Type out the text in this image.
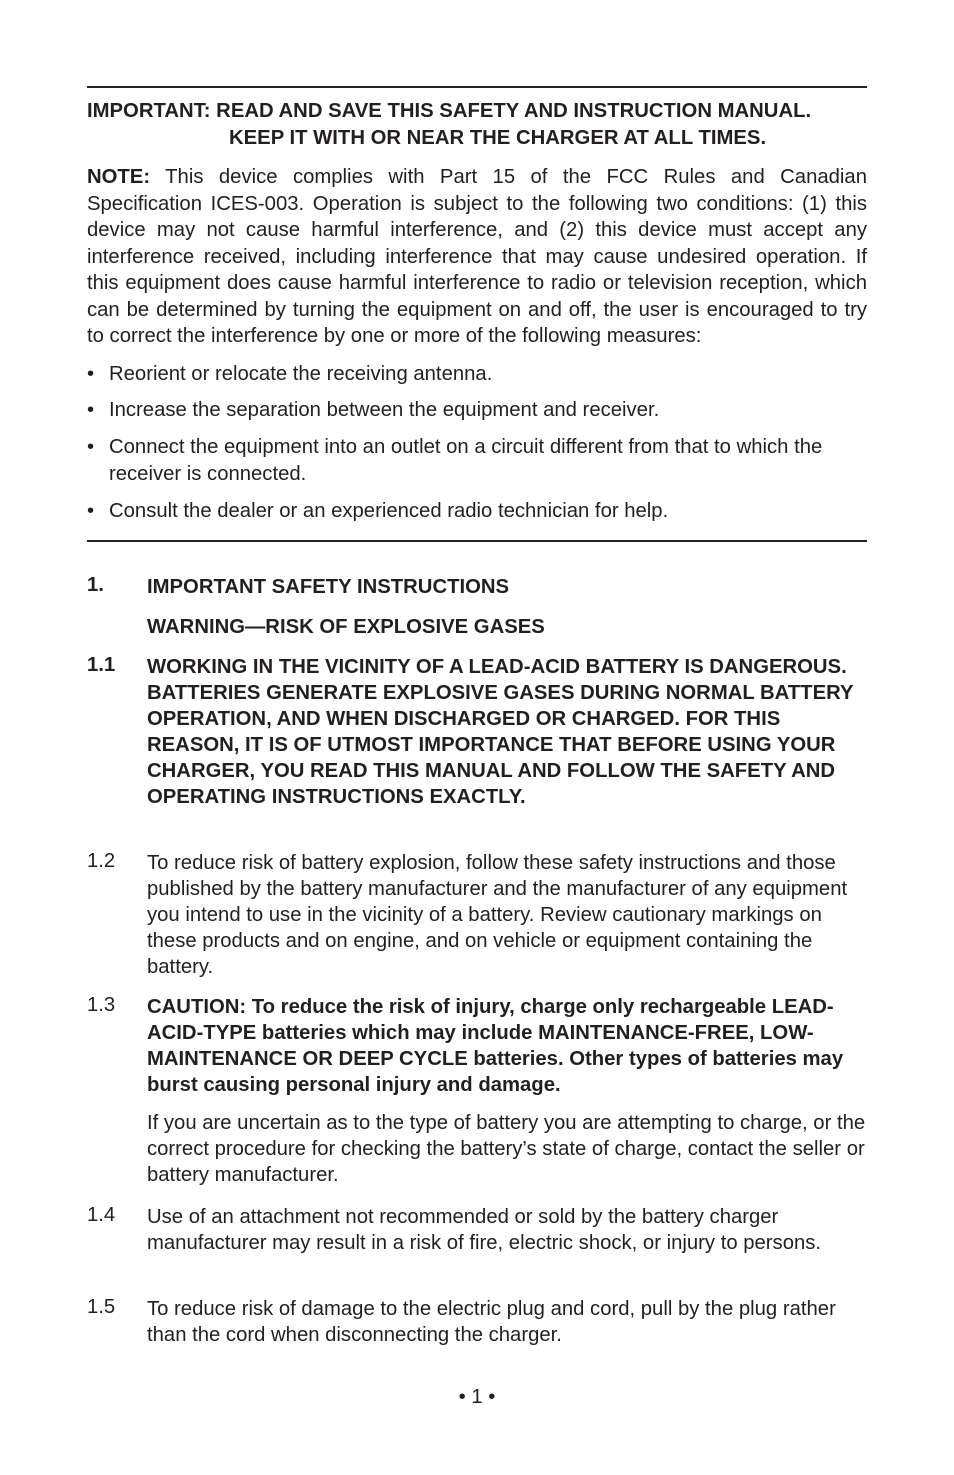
IMPORTANT: READ AND SAVE THIS SAFETY AND INSTRUCTION MANUAL.
KEEP IT WITH OR NEAR THE CHARGER AT ALL TIMES.
NOTE: This device complies with Part 15 of the FCC Rules and Canadian Specification ICES-003. Operation is subject to the following two conditions: (1) this device may not cause harmful interference, and (2) this device must accept any interference received, including interference that may cause undesired operation. If this equipment does cause harmful interference to radio or television reception, which can be determined by turning the equipment on and off, the user is encouraged to try to correct the interference by one or more of the following measures:
• Reorient or relocate the receiving antenna.
• Increase the separation between the equipment and receiver.
• Connect the equipment into an outlet on a circuit different from that to which the receiver is connected.
• Consult the dealer or an experienced radio technician for help.
1. IMPORTANT SAFETY INSTRUCTIONS
WARNING—RISK OF EXPLOSIVE GASES
1.1 WORKING IN THE VICINITY OF A LEAD-ACID BATTERY IS DANGEROUS. BATTERIES GENERATE EXPLOSIVE GASES DURING NORMAL BATTERY OPERATION, AND WHEN DISCHARGED OR CHARGED. FOR THIS REASON, IT IS OF UTMOST IMPORTANCE THAT BEFORE USING YOUR CHARGER, YOU READ THIS MANUAL AND FOLLOW THE SAFETY AND OPERATING INSTRUCTIONS EXACTLY.
1.2 To reduce risk of battery explosion, follow these safety instructions and those published by the battery manufacturer and the manufacturer of any equipment you intend to use in the vicinity of a battery. Review cautionary markings on these products and on engine, and on vehicle or equipment containing the battery.
1.3 CAUTION: To reduce the risk of injury, charge only rechargeable LEAD-ACID-TYPE batteries which may include MAINTENANCE-FREE, LOW-MAINTENANCE OR DEEP CYCLE batteries. Other types of batteries may burst causing personal injury and damage.
If you are uncertain as to the type of battery you are attempting to charge, or the correct procedure for checking the battery’s state of charge, contact the seller or battery manufacturer.
1.4 Use of an attachment not recommended or sold by the battery charger manufacturer may result in a risk of fire, electric shock, or injury to persons.
1.5 To reduce risk of damage to the electric plug and cord, pull by the plug rather than the cord when disconnecting the charger.
• 1 •
